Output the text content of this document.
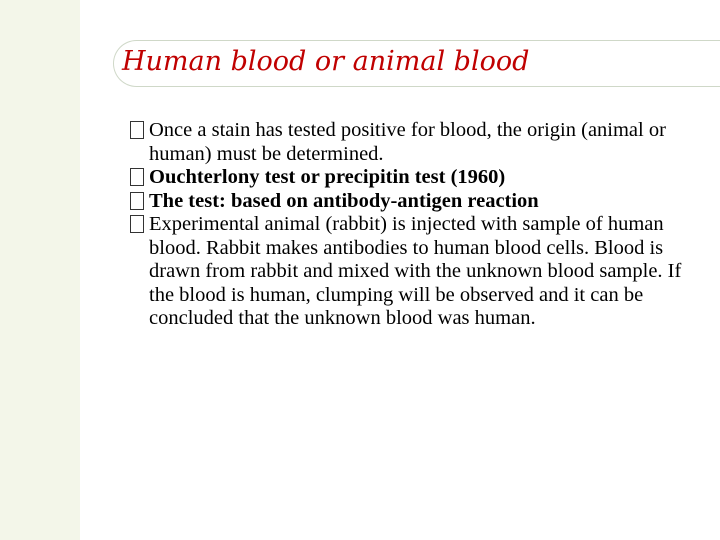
Human blood or animal blood
Once a stain has tested positive for blood, the origin (animal or human) must be determined.
Ouchterlony test or precipitin test (1960)
The test: based on antibody-antigen reaction
Experimental animal (rabbit) is injected with sample of human blood. Rabbit makes antibodies to human blood cells. Blood is drawn from rabbit and mixed with the unknown blood sample. If the blood is human, clumping will be observed and it can be concluded that the unknown blood was human.
